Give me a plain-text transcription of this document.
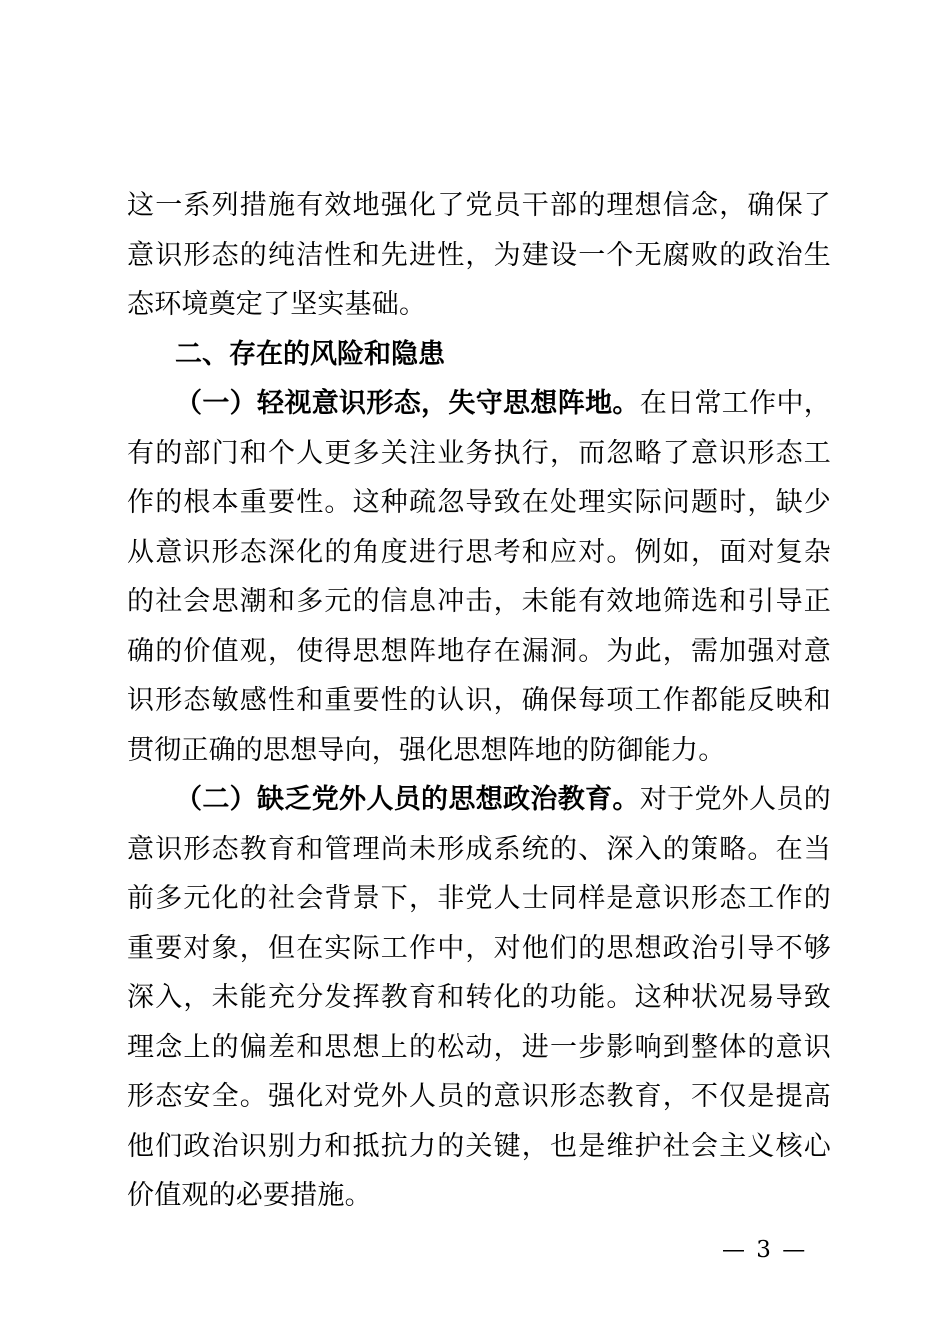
这一系列措施有效地强化了党员干部的理想信念，确保了意识形态的纯洁性和先进性，为建设一个无腐败的政治生态环境奠定了坚实基础。

二、存在的风险和隐患

（一）轻视意识形态，失守思想阵地。在日常工作中，有的部门和个人更多关注业务执行，而忽略了意识形态工作的根本重要性。这种疏忽导致在处理实际问题时，缺少从意识形态深化的角度进行思考和应对。例如，面对复杂的社会思潮和多元的信息冲击，未能有效地筛选和引导正确的价值观，使得思想阵地存在漏洞。为此，需加强对意识形态敏感性和重要性的认识，确保每项工作都能反映和贯彻正确的思想导向，强化思想阵地的防御能力。

（二）缺乏党外人员的思想政治教育。对于党外人员的意识形态教育和管理尚未形成系统的、深入的策略。在当前多元化的社会背景下，非党人士同样是意识形态工作的重要对象，但在实际工作中，对他们的思想政治引导不够深入，未能充分发挥教育和转化的功能。这种状况易导致理念上的偏差和思想上的松动，进一步影响到整体的意识形态安全。强化对党外人员的意识形态教育，不仅是提高他们政治识别力和抵抗力的关键，也是维护社会主义核心价值观的必要措施。

— 3 —
